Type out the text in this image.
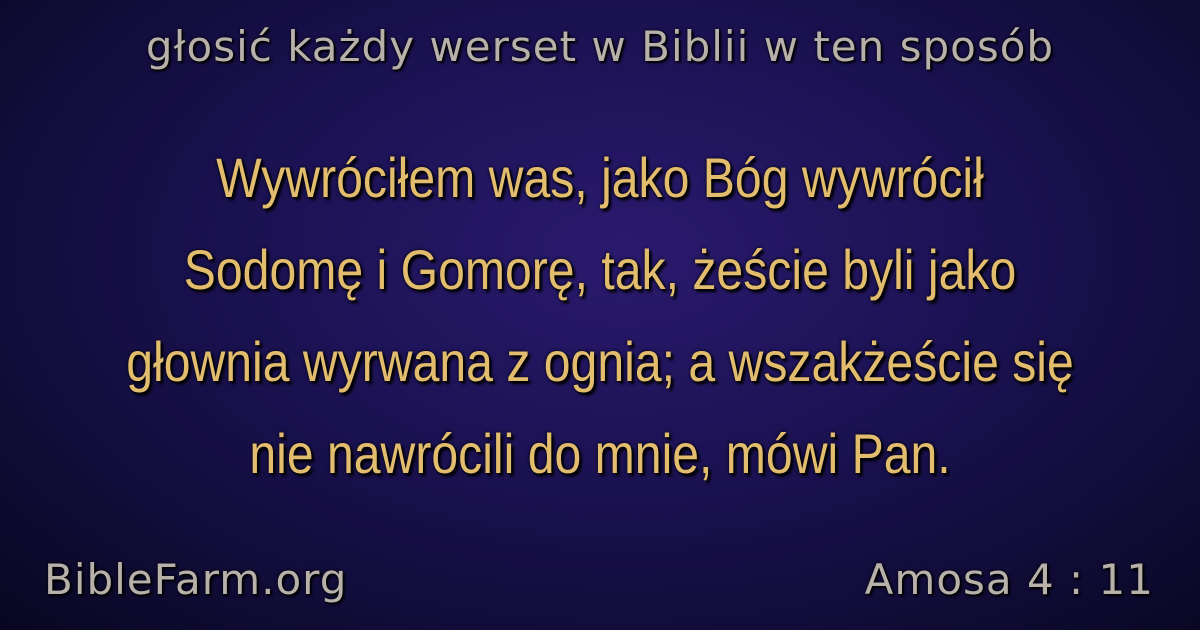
głosić każdy werset w Biblii w ten sposób
Wywróciłem was, jako Bóg wywrócił
Sodomę i Gomorę, tak, żeście byli jako
głownia wyrwana z ognia; a wszakżeście się
nie nawrócili do mnie, mówi Pan.
BibleFarm.org	Amosa 4 : 11
